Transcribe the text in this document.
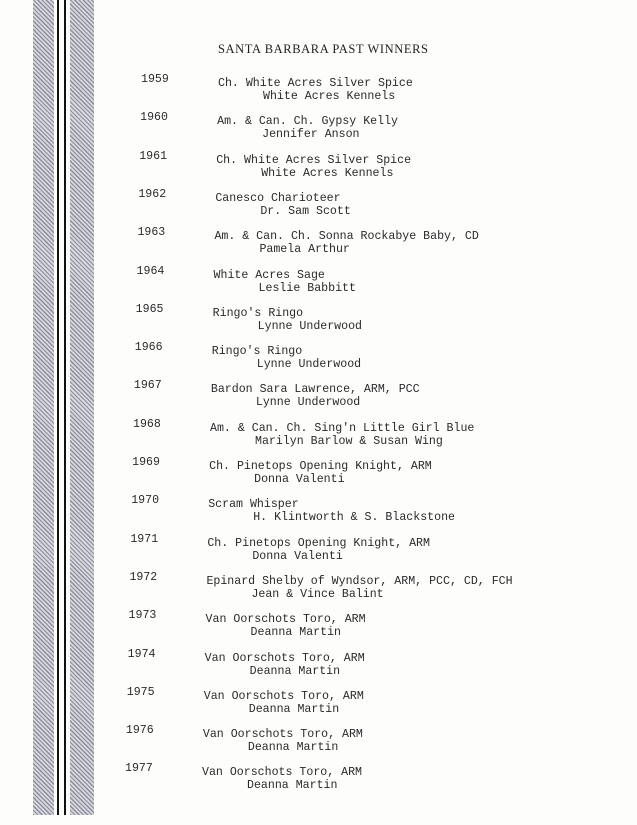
SANTA BARBARA PAST WINNERS
1959	Ch. White Acres Silver Spice
White Acres Kennels
1960	Am. & Can. Ch. Gypsy Kelly
Jennifer Anson
1961	Ch. White Acres Silver Spice
White Acres Kennels
1962	Canesco Charioteer
Dr. Sam Scott
1963	Am. & Can. Ch. Sonna Rockabye Baby, CD
Pamela Arthur
1964	White Acres Sage
Leslie Babbitt
1965	Ringo's Ringo
Lynne Underwood
1966	Ringo's Ringo
Lynne Underwood
1967	Bardon Sara Lawrence, ARM, PCC
Lynne Underwood
1968	Am. & Can. Ch. Sing'n Little Girl Blue
Marilyn Barlow & Susan Wing
1969	Ch. Pinetops Opening Knight, ARM
Donna Valenti
1970	Scram Whisper
H. Klintworth & S. Blackstone
1971	Ch. Pinetops Opening Knight, ARM
Donna Valenti
1972	Epinard Shelby of Wyndsor, ARM, PCC, CD, FCH
Jean & Vince Balint
1973	Van Oorschots Toro, ARM
Deanna Martin
1974	Van Oorschots Toro, ARM
Deanna Martin
1975	Van Oorschots Toro, ARM
Deanna Martin
1976	Van Oorschots Toro, ARM
Deanna Martin
1977	Van Oorschots Toro, ARM
Deanna Martin
